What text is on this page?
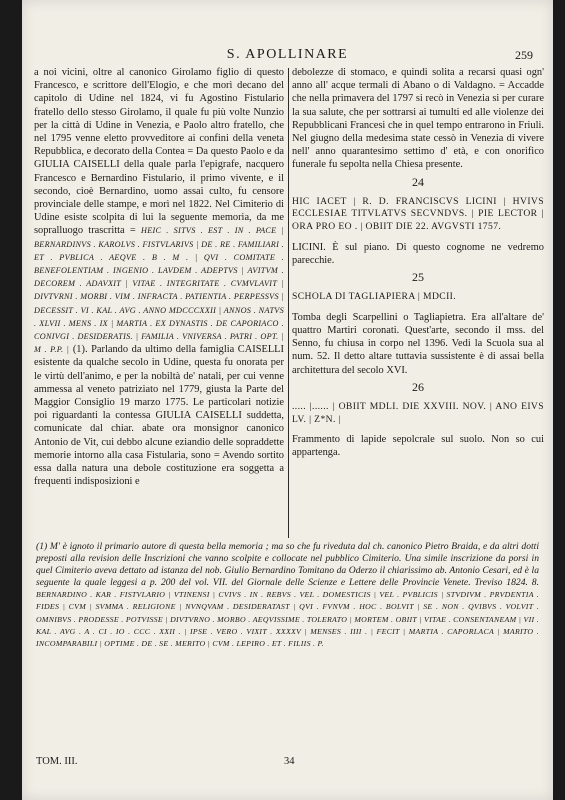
S. APOLLINARE	259
a noi vicini, oltre al canonico Girolamo figlio di questo Francesco, e scrittore dell'Elogio, e che morì decano del capitolo di Udine nel 1824, vi fu Agostino Fistulario fratello dello stesso Girolamo, il quale fu più volte Nunzio per la città di Udine in Venezia, e Paolo altro fratello, che nel 1795 venne eletto provveditore ai confini della veneta Repubblica, e decorato della Contea = Da questo Paolo e da GIULIA CAISELLI della quale parla l'epigrafe, nacquero Francesco e Bernardino Fistulario, il primo vivente, e il secondo, cioè Bernardino, uomo assai culto, fu censore provinciale delle stampe, e morì nel 1822. Nel Cimiterio di Udine esiste scolpita di lui la seguente memoria, da me sopralluogo trascritta = HEIC . SITVS . EST . IN . PACE | BERNARDINVS . KAROLVS . FISTVLARIVS | DE . RE . FAMILIARI . ET . PVBLICA . AEQVE . B . M . | QVI . COMITATE . BENEFOLENTIAM . INGENIO . LAVDEM . ADEPTVS | AVITVM . DECOREM . ADAVXIT | VITAE . INTEGRITATE . CVMVLAVIT | DIVTVRNI . MORBI . VIM . INFRACTA . PATIENTIA . PERPESSVS | DECESSIT . VI . KAL . AVG . ANNO MDCCCXXII | ANNOS . NATVS . XLVII . MENS . IX | MARTIA . EX DYNASTIS . DE CAPORIACO . CONIVGI . DESIDERATIS. | FAMILIA . VNIVERSA . PATRI . OPT. | M . P.P. | (1). Parlando da ultimo della famiglia CAISELLI esistente da qualche secolo in Udine, questa fu onorata per le virtù dell'animo, e per la nobiltà de' natali, per cui venne ammessa al veneto patriziato nel 1779, giusta la Parte del Maggior Consiglio 19 marzo 1775. Le particolari notizie poi riguardanti la contessa GIULIA CAISELLI suddetta, comunicate dal chiar. abate ora monsignor canonico Antonio de Vit, cui debbo alcune eziandio delle sopraddette memorie intorno alla casa Fistularia, sono = Avendo sortito essa dalla natura una debole costituzione era soggetta a frequenti indisposizioni e
debolezze di stomaco, e quindi solita a recarsi quasi ogn' anno all' acque termali di Abano o di Valdagno. = Accadde che nella primavera del 1797 si recò in Venezia si per curare la sua salute, che per sottrarsi ai tumulti ed alle violenze dei Repubblicani Francesi che in quel tempo entrarono in Friuli. Nel giugno della medesima state cessò in Venezia di vivere nell' anno quarantesimo settimo d' età, e con onorifico funerale fu sepolta nella Chiesa presente.
24
HIC IACET | R. D. FRANCISCVS LICINI | HVIVS ECCLESIAE TITVLATVS SECVNDVS. | PIE LECTOR | ORA PRO EO . | OBIIT DIE 22. AVGVSTI 1757.
LICINI. È sul piano. Di questo cognome ne vedremo parecchie.
25
SCHOLA DI TAGLIAPIERA | MDCII.
Tomba degli Scarpellini o Tagliapietra. Era all'altare de' quattro Martiri coronati. Quest'arte, secondo il mss. del Senno, fu chiusa in corpo nel 1396. Vedi la Scuola sua al num. 52. Il detto altare tuttavia sussistente è di assai bella architettura del secolo XVI.
26
..... |...... | OBIIT MDLI. DIE XXVIII. NOV. | ANO EIVS LV. | Z*N. |
Frammento di lapide sepolcrale sul suolo. Non so cui appartenga.
(1) M' è ignoto il primario autore di questa bella memoria ; ma so che fu riveduta dal ch. canonico Pietro Braida, e da altri dotti preposti alla revision delle Inscrizioni che vanno scolpite e collocate nel pubblico Cimiterio. Una simile inscrizione da porsi in quel Cimiterio aveva dettato ad istanza del nob. Giulio Bernardino Tomitano da Oderzo il chiarissimo ab. Antonio Cesari, ed è la seguente la quale leggesi a p. 200 del vol. VII. del Giornale delle Scienze e Lettere delle Provincie Venete. Treviso 1824. 8. BERNARDINO . KAR . FISTVLARIO | VTINENSI | CVIVS . IN . REBVS . VEL . DOMESTICIS | VEL . PVBLICIS | STVDIVM . PRVDENTIA . FIDES | CVM | SVMMA . RELIGIONE | NVNQVAM . DESIDERATAST | QVI . FVNVM . HOC . BOLVIT | SE . NON . QVIBVS . VOLVIT . OMNIBVS . PRODESSE . POTVISSE | DIVTVRNO . MORBO . AEQVISSIME . TOLERATO | MORTEM . OBIIT | VITAE . CONSENTANEAM | VII . KAL . AVG . A . CI . IO . CCC . XXII . | IPSE . VERO . VIXIT . XXXXV | MENSES . IIII . | FECIT | MARTIA . CAPORLACA | MARITO . INCOMPARABILI | OPTIME . DE . SE . MERITO | CVM . LEPIRO . ET . FILIIS . P.
TOM. III.	34
